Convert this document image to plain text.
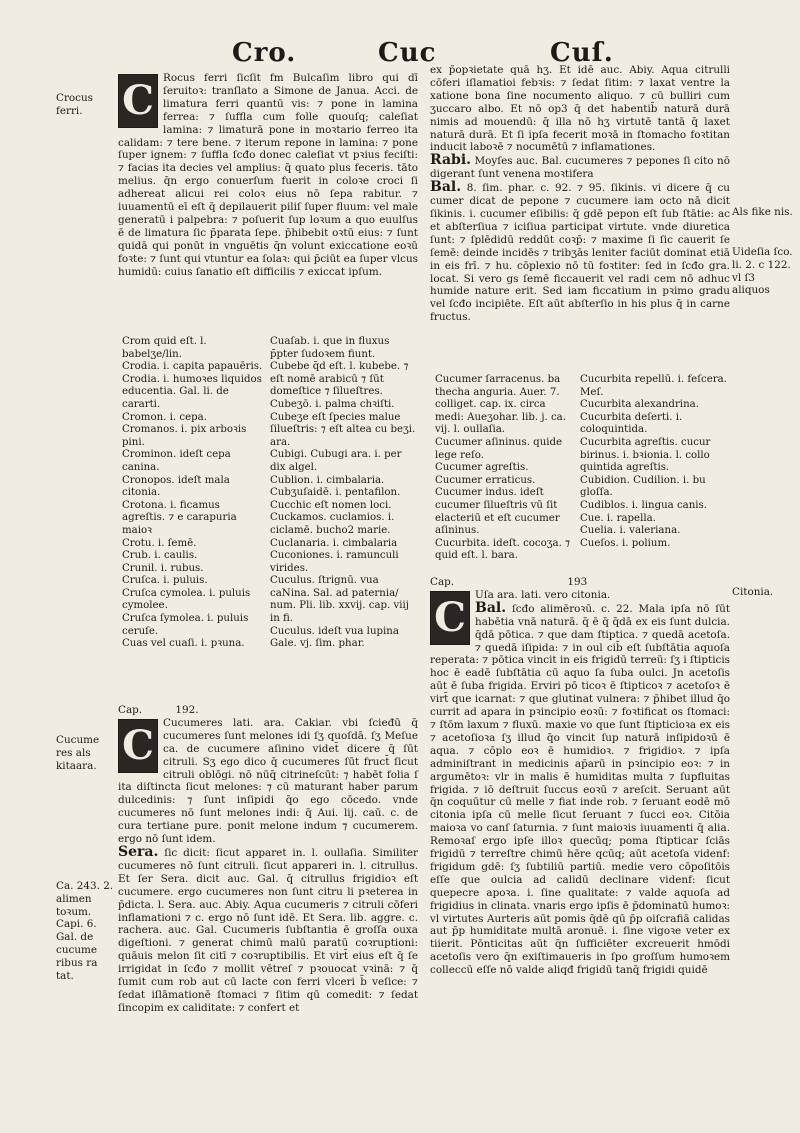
Cro.	Cuc	Cuſ.
Crocus ferri.
Cucume res als kitaara.
Ca. 243. 2. alimen toꝛum. Capi. 6. Gal. de cucume ribus ra tat.
Als fike nis.
Uideſia ſco. li. 2. c 122. vl ſ3 aliquos
Citonia.
C Rocus ferri ſicſit fm Bulcaſim libro qui dī ſeruitoꝛ: tranſlato a Simone de Janua. Acci. de limatura ferri quantū vis: ⁊ pone in lamina ferrea: ⁊ ſuffla cum folle quouſq; caleſiat lamina: ⁊ limaturā pone in moꝛtario ferreo ita calidam: ⁊ tere bene. ⁊ iterum repone in lamina: ⁊ pone ſuper ignem: ⁊ ſuffla ſcđo donec caleſiat vt pꝛius feciſti: ⁊ facias ita decies vel amplius: q̄ quato plus feceris. tāto melius. q̄n ergo conuerſum fuerit in coloꝛe croci ſi adhereat alicui rei coloꝛ eius nō ſepa rabitur. ⁊ iuuamentū eī eſt q̄ depilauerit piliſ ſuper fluum: vel male generatū i palpebra: ⁊ poſuerit ſup loꝛum a quo euulſus ē de limatura ſic p̄parata ſepe. p̄hibebit oꝛtū eius: ⁊ ſunt quidā qui ponūt in vnguētis q̄n volunt exiccatione eoꝛū foꝛte: ⁊ ſunt qui vtuntur ea ſolaꝛ: qui p̄ciūt ea ſuper vlcus humidū: cuius ſanatio eſt difficilis ⁊ exiccat ipſum.

Crom quid eſt. l. babelʒe/lin.
Crodia. i. capita papauēris.
Crodia. i. humoꝛes liquidos educentia. Gal. li. de cararti.
Cromon. i. cepa.
Cromanos. i. pix arboꝛis pini.
Crominon. ideſt cepa canina.
Cronopos. ideſt mala citonia.
Crotona. i. ficamus agreſtis. ⁊ e carapuria maioꝛ
Crotu. i. ſemē.
Crub. i. caulis.
Crunil. i. rubus.
Cruſca. i. puluis.
Cruſca cymolea. i. puluis cymolee.
Cruſca ſymolea. i. puluis ceruſe.
Cuas vel cuaſi. i. pꝛuna.
Cuaſab. i. que in fluxus p̄pter ſudoꝛem fiunt.
Cubebe q̄d eſt. l. kubebe. ⁊ eſt nomē arabicū ⁊ ſūt domeſtice ⁊ ſilueſtres.
Cubeʒō. i. palma chꝛiſti.
Cubeʒe eſt ſpecies malue ſilueſtris: ⁊ eſt altea cu beʒi. ara.
Cubigi. Cubugi ara. i. per dix algel.
Cublion. i. cimbalaria.
Cubʒuſaidē. i. pentafilon.
Cucchic eſt nomen loci.
Cuckamos. cuclamios. i. ciclamē. bucho2 marie.
Cuclanaria. i. cimbalaria
Cuconiones. i. ramunculi virides.
Cuculus. ſtrignū. vua caNina. Sal. ad paternia/ num. Pli. lib. xxvij. cap. viij in fi.
Cuculus. ideſt vua lupina Gale. vj. ſim. phar.

Cap.	192.

C Cucumeres lati. ara. Cakiar. vbi ſcieđū q̄ cucumeres ſunt melones idi ſʒ quoſdā. ſʒ Meſue ca. de cucumere aſinino videt̄ dicere q̄ ſūt citruli. Sʒ ego dico q̄ cucumeres ſūt fruct̄ ſicut citruli oblōgi. nō nūq̄ citrineſcūt: ⁊ habēt folia ſ ita diſtincta ſicut melones: ⁊ cū maturant haber parum dulcedinis: ⁊ ſunt inſipidi q̄o ego cōcedo. vnde cucumeres nō ſunt melones indi: q̄ Aui. lij. caū. c. de cura tertiane pure. ponit melone indum ⁊ cucumerem. ergo nō ſunt idem.

Sera. ſic dicit: ſicut apparet in. l. oullaſia. Similiter cucumeres nō ſunt citruli. ſicut appareri in. l. citrullus. Et ſer Sera. dicit auc. Gal. q̄ citrullus frigidioꝛ eſt cucumere. ergo cucumeres non ſunt citru li pꝛeterea in p̄dicta. l. Sera. auc. Abiy. Aqua cucumeris ⁊ citruli cōferi inflamationi ⁊ c. ergo nō ſunt idē. Et Sera. lib. aggre. c. rachera. auc. Gal. Cucumeris ſubſtantia ē groſſa ouxa digeſtioni. ⁊ generat chimū malū paratū coꝛruptioni: quāuis melon ſit citī ⁊ coꝛruptibilis. Et virt̄ eius eſt q̄ ſe irrigidat in ſcđo ⁊ mollit vētreſ ⁊ pꝛouocat vꝛinā: ⁊ q̄ ſumit cum rob aut cū lacte con ferri vlceri b̄ veſice: ⁊ ſedat iſlāmationē ſtomaci ⁊ ſitim qū comedit: ⁊ ſedat ſincopim ex caliditate: ⁊ confert et

ex p̄opꝛietate quā hʒ. Et idē auc. Abiy. Aqua citrulli cōferi iſlamatioi febꝛis: ⁊ ſedat ſitim: ⁊ laxat ventre la xatione bona ſine nocumento aliquo. ⁊ cū bulliri cum ʒuccaro albo. Et nō op3 q̄ det habentib̄ naturā durā nimis ad mouendū: q̄ illa nō hʒ virtutē tantā q̄ laxet naturā durā. Et ſi ipſa fecerit moꝛā in ſtomacho foꝛtitan inducit laboꝛē ⁊ nocumētū ⁊ inflamationes.

Rabi. Moyſes auc. Bal. cucumeres ⁊ pepones ſi cito nō digerant ſunt venena moꝛtifera

Bal. 8. ſim. phar. c. 92. ⁊ 95. ſikinis. vi dicere q̄ cu cumer dicat de pepone ⁊ cucumere iam octo nā dicit ſikinis. i. cucumer eſibilis: q̄ gdē pepon eſt ſub ſtātie: ac et abſterſiua ⁊ iciſiua participat virtute. vnde diuretica ſunt: ⁊ ſplēdidū reddūt coꝛp̄: ⁊ maxime ſi ſic cauerit ſe ſemē: deinde incidēs ⁊ tribʒās leniter faciūt dominat etiā in eis frī. ⁊ hu. cōplexio nō tū foꝛtiter: ſed in ſcđo gra. locat. Si vero gs ſemē ficcauerit vel radi cem nō adhuc humide nature erit. Sed iam ficcatium in pꝛimo gradu vel ſcđo incipiēte. Eſt aūt abſterſio in his plus q̄ in carne fructus.

Cucumer ſarracenus. ba thecha anguria. Auer. 7. colliget. cap. ix. circa medi: Aueʒohar. lib. j. ca. vij. l. oullaſia.
Cucumer aſininus. quide lege reſo.
Cucumer agreſtis. Cucumer erraticus. Cucumer indus. ideſt cucumer ſilueſtris vū ſit elacteriū et eſt cucumer aſininus.
Cucurbita. ideſt. cocoʒa. ⁊ quid eſt. l. bara.
Cucurbita repellū. i. feſcera. Meſ.
Cucurbita alexandrina.
Cucurbita deſerti. i. coloquintida.
Cucurbita agreſtis. cucur birinus. i. bꝛionia. l. collo quintida agreſtis.
Cubidion. Cudilion. i. bu gloſſa.
Cudiblos. i. lingua canis.
Cue. i. rapella.
Cuelia. i. valeriana.
Cueſos. i. polium.

Cap.	193

C Uſa ara. lati. vero citonia.

Bal. ſcđo alimēroꝛū. c. 22. Mala ipſa nō ſūt habētia vnā naturā. q̄ ē q̄ q̄dā ex eis ſunt dulcia. q̄dā pōtica. ⁊ que dam ſtiptica. ⁊ quedā acetoſa. ⁊ quedā iſipida: ⁊ in oul cib̄ eſt ſubſtātia aquoſa reperata: ⁊ pōtica vincit in eis frigidū terreū: ſʒ i ſtipticis hoc ē eadē ſubſtātia cū aquo ſa ſuba oulci. Jn acetoſis aūt ē ſuba frigida. Erviri̇ pō ticoꝛ ē ſtipticoꝛ ⁊ acetoſoꝛ ē virt̄ que icarnat: ⁊ que glutinat vulnera: ⁊ p̄hibet illud q̄o currit ad apara in pꝛincipio eoꝛū: ⁊ foꝛtificat os ſtomaci: ⁊ ſtōm laxum ⁊ fluxū. maxie vo que ſunt ſtipticioꝛa ex eis ⁊ acetoſioꝛa ſʒ illud q̄o vincit ſup naturā inſipidoꝛū ē aqua. ⁊ cōplo eoꝛ ē humidioꝛ. ⁊ frigidioꝛ. ⁊ ipſa adminiſtrant in medicinis ap̄arū in pꝛincipio eoꝛ: ⁊ in argumētoꝛ: vlr in malis ē humiditas multa ⁊ ſupfluitas frigida. ⁊ iō deſtruit ſuccus eoꝛū ⁊ areſcit. Seruant aūt q̄n coquūtur cū melle ⁊ fiat inde rob. ⁊ ſeruant eodē mō citonia ipſa cū melle ſicut ſeruant ⁊ ſucci eoꝛ. Citōia maioꝛa vo canſ ſaturnia. ⁊ ſunt maioꝛis iuuamenti q̄ alia. Remoꝛaſ ergo ipſe illoꝛ quecūq; poma ſtipticar ſciās frigidū ⁊ terreſtre chimū hēre qcūq; aūt acetoſa videnf: frigidum gdē: ſʒ ſubtiliū partiū. medie vero cōpoſitōis eſſe que oulcia ad calidū declinare videnf: ſicut quepecre apoꝛa. i. ſine qualitate: ⁊ valde aquoſa ad frigidius in clinata. vnaris ergo ipſis ē p̄dominatū humoꝛ: vl virtutes Aurteris aūt pomis q̄dē qū p̄p oiſcrafiā calidas aut p̄p humiditate multā aronuē. i. ſine vigoꝛe veter ex tiierit. Pōnticitas aūt q̄n ſufficiēter excreuerit hmōdi acetoſis vero q̄n exiſtimaueris in ſpo groſſum humoꝛem colleccū eſſe nō valde aliqđ frigidū tanq̄ frigidi quidē
